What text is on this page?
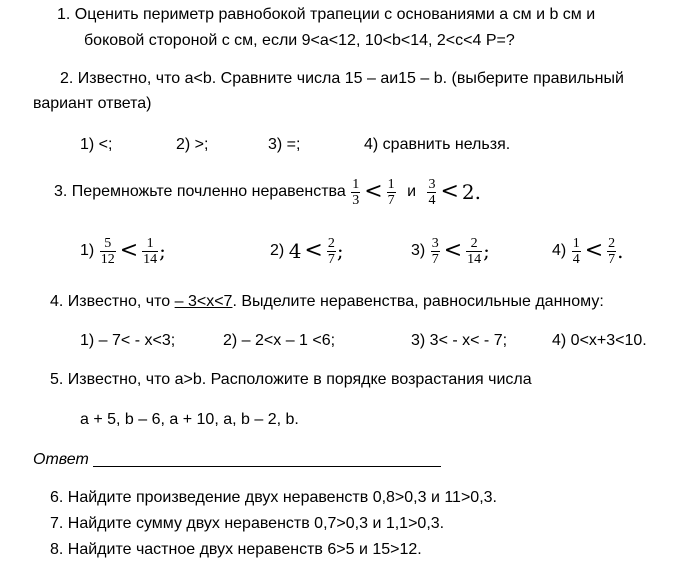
1. Оценить периметр равнобокой трапеции с основаниями a см и b см и
боковой стороной с см, если 9<a<12, 10<b<14, 2<c<4 P=?
2. Известно, что a<b. Сравните числа 15 – aи15 – b. (выберите правильный
вариант ответа)
1) <;	2) >;	3) =;	4) сравнить нельзя.
3. Перемножьте почленно неравенства $\frac{1}{3} < \frac{1}{7}$ и $\frac{3}{4} < 2$.
$1) \frac{5}{12} < \frac{1}{14}$ ;	2) $4 < \frac{2}{7}$ ;	$3) \frac{3}{7} < \frac{2}{14}$ ;	$4) \frac{1}{4} < \frac{2}{7}$ .
4. Известно, что – 3<x<7. Выделите неравенства, равносильные данному:
1) – 7< - x<3;	2) – 2<x – 1 <6;	3) 3< - x< - 7;	4) 0<x+3<10.
5. Известно, что a>b. Расположите в порядке возрастания числа
a + 5, b – 6, a + 10, a, b – 2, b.
Ответ
6. Найдите произведение двух неравенств 0,8>0,3 и 11>0,3.
7. Найдите сумму двух неравенств 0,7>0,3 и 1,1>0,3.
8. Найдите частное двух неравенств 6>5 и 15>12.
